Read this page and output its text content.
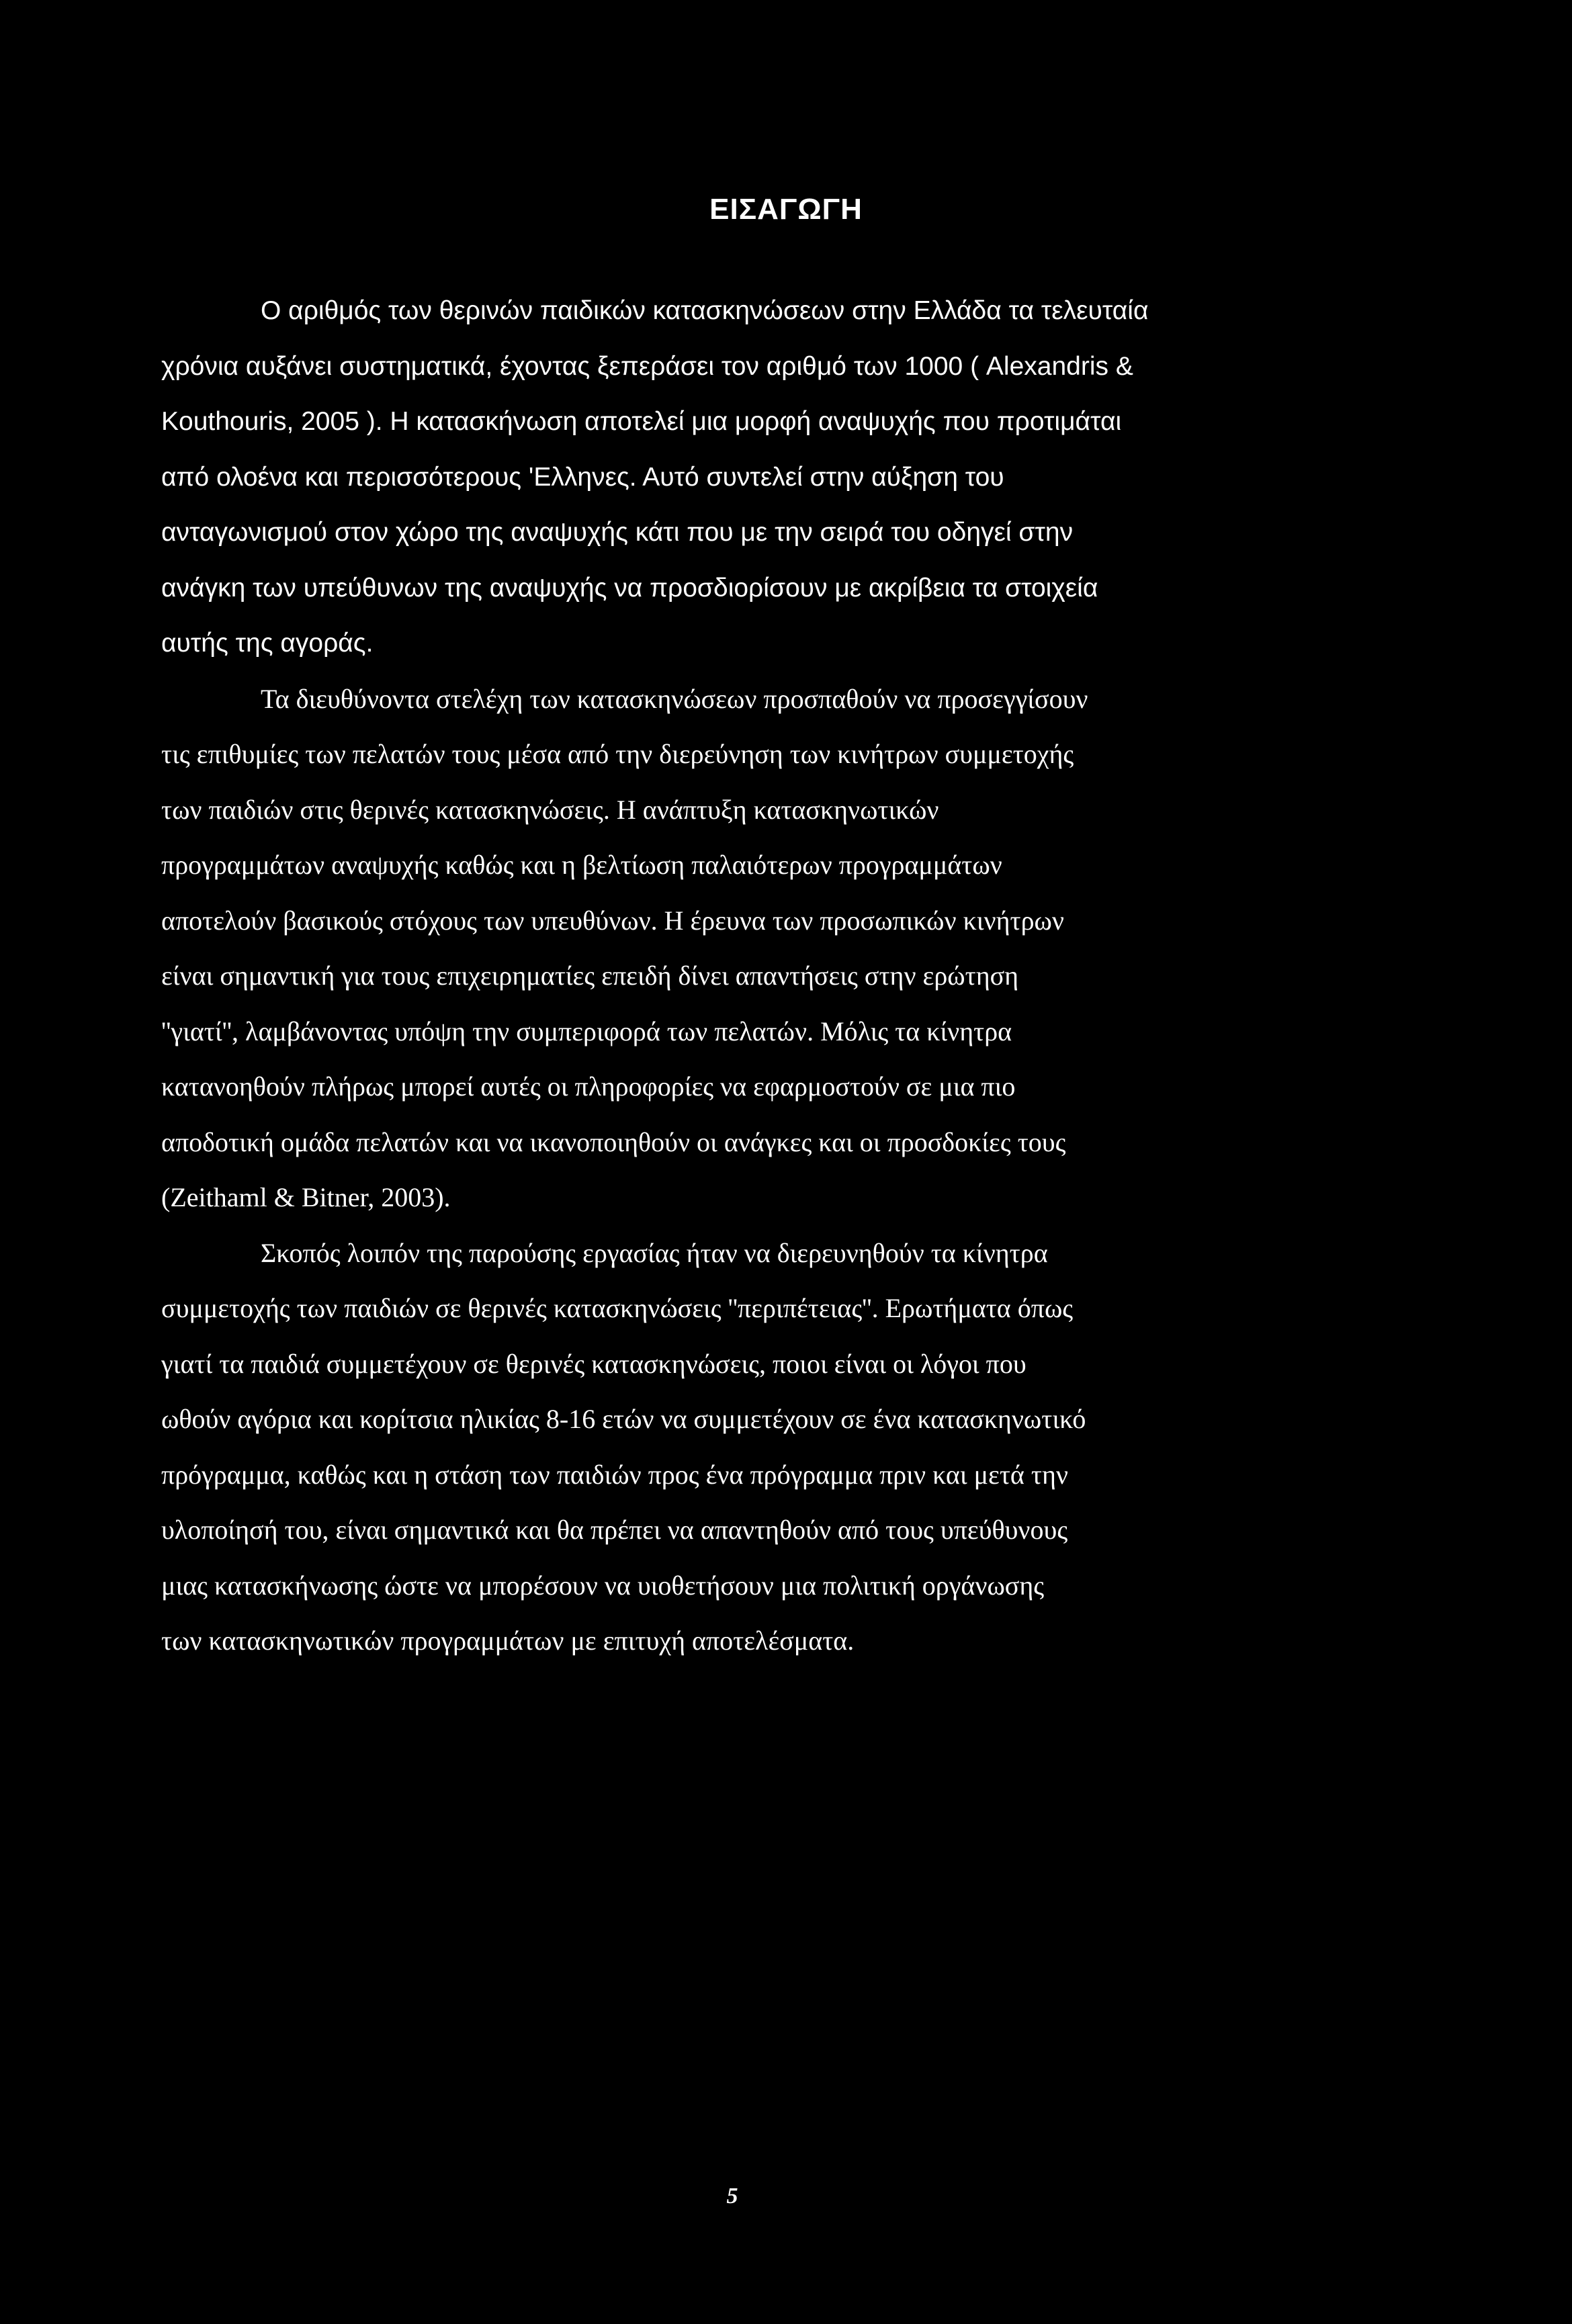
ΕΙΣΑΓΩΓΗ
Ο αριθμός των θερινών παιδικών κατασκηνώσεων στην Ελλάδα τα τελευταία
χρόνια αυξάνει συστηματικά, έχοντας ξεπεράσει τον αριθμό των 1000 ( Alexandris &
Kouthouris, 2005 ). Η κατασκήνωση αποτελεί μια μορφή αναψυχής που προτιμάται
από ολοένα και περισσότερους 'Ελληνες. Αυτό συντελεί στην αύξηση του
ανταγωνισμού στον χώρο της αναψυχής κάτι που με την σειρά του οδηγεί στην
ανάγκη των υπεύθυνων της αναψυχής να προσδιορίσουν με ακρίβεια τα στοιχεία
αυτής της αγοράς.
Τα διευθύνοντα στελέχη των κατασκηνώσεων προσπαθούν να προσεγγίσουν
τις επιθυμίες των πελατών τους μέσα από την διερεύνηση των κινήτρων συμμετοχής
των παιδιών στις θερινές κατασκηνώσεις. Η ανάπτυξη κατασκηνωτικών
προγραμμάτων αναψυχής καθώς και η βελτίωση παλαιότερων προγραμμάτων
αποτελούν βασικούς στόχους των υπευθύνων. Η έρευνα των προσωπικών κινήτρων
είναι σημαντική για τους επιχειρηματίες επειδή δίνει απαντήσεις στην ερώτηση
''γιατί'', λαμβάνοντας υπόψη την συμπεριφορά των πελατών. Μόλις τα κίνητρα
κατανοηθούν πλήρως μπορεί αυτές οι πληροφορίες να εφαρμοστούν σε μια πιο
αποδοτική ομάδα πελατών και να ικανοποιηθούν οι ανάγκες και οι προσδοκίες τους
(Zeithaml & Bitner, 2003).
Σκοπός λοιπόν της παρούσης εργασίας ήταν να διερευνηθούν τα κίνητρα
συμμετοχής των παιδιών σε θερινές κατασκηνώσεις ''περιπέτειας''. Ερωτήματα όπως
γιατί τα παιδιά συμμετέχουν σε θερινές κατασκηνώσεις, ποιοι είναι οι λόγοι που
ωθούν αγόρια και κορίτσια ηλικίας 8-16 ετών να συμμετέχουν σε ένα κατασκηνωτικό
πρόγραμμα, καθώς και η στάση των παιδιών προς ένα πρόγραμμα πριν και μετά την
υλοποίησή του, είναι σημαντικά και θα πρέπει να απαντηθούν από τους υπεύθυνους
μιας κατασκήνωσης ώστε να μπορέσουν να υιοθετήσουν μια πολιτική οργάνωσης
των κατασκηνωτικών προγραμμάτων με επιτυχή αποτελέσματα.
5
